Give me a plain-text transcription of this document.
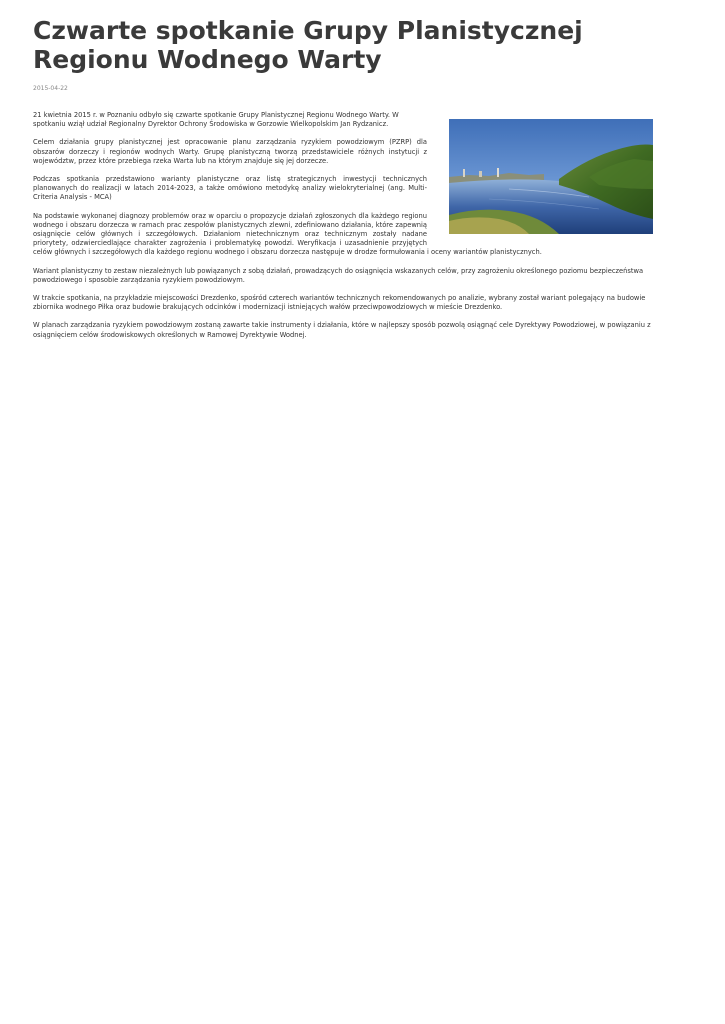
Czwarte spotkanie Grupy Planistycznej Regionu Wodnego Warty
2015-04-22

21 kwietnia 2015 r. w Poznaniu odbyło się czwarte spotkanie Grupy Planistycznej Regionu Wodnego Warty. W spotkaniu wziął udział Regionalny Dyrektor Ochrony Środowiska w Gorzowie Wielkopolskim Jan Rydzanicz.

Celem działania grupy planistycznej jest opracowanie planu zarządzania ryzykiem powodziowym (PZRP) dla obszarów dorzeczy i regionów wodnych Warty. Grupę planistyczną tworzą przedstawiciele różnych instytucji z województw, przez które przebiega rzeka Warta lub na którym znajduje się jej dorzecze.

Podczas spotkania przedstawiono warianty planistyczne oraz listę strategicznych inwestycji technicznych planowanych do realizacji w latach 2014-2023, a także omówiono metodykę analizy wielokryterialnej (ang. Multi-Criteria Analysis - MCA)

Na podstawie wykonanej diagnozy problemów oraz w oparciu o propozycje działań zgłoszonych dla każdego regionu wodnego i obszaru dorzecza w ramach prac zespołów planistycznych zlewni, zdefiniowano działania, które zapewnią osiągnięcie celów głównych i szczegółowych. Działaniom nietechnicznym oraz technicznym zostały nadane priorytety, odzwierciedlające charakter zagrożenia i problematykę powodzi. Weryfikacja i uzasadnienie przyjętych celów głównych i szczegółowych dla każdego regionu wodnego i obszaru dorzecza następuje w drodze formułowania i oceny wariantów planistycznych.

Wariant planistyczny to zestaw niezależnych lub powiązanych z sobą działań, prowadzących do osiągnięcia wskazanych celów, przy zagrożeniu określonego poziomu bezpieczeństwa powodziowego i sposobie zarządzania ryzykiem powodziowym.

W trakcie spotkania, na przykładzie miejscowości Drezdenko, spośród czterech wariantów technicznych rekomendowanych po analizie, wybrany został wariant polegający na budowie zbiornika wodnego Piłka oraz budowie brakujących odcinków i modernizacji istniejących wałów przeciwpowodziowych w mieście Drezdenko.

W planach zarządzania ryzykiem powodziowym zostaną zawarte takie instrumenty i działania, które w najlepszy sposób pozwolą osiągnąć cele Dyrektywy Powodziowej, w powiązaniu z osiągnięciem celów środowiskowych określonych w Ramowej Dyrektywie Wodnej.
